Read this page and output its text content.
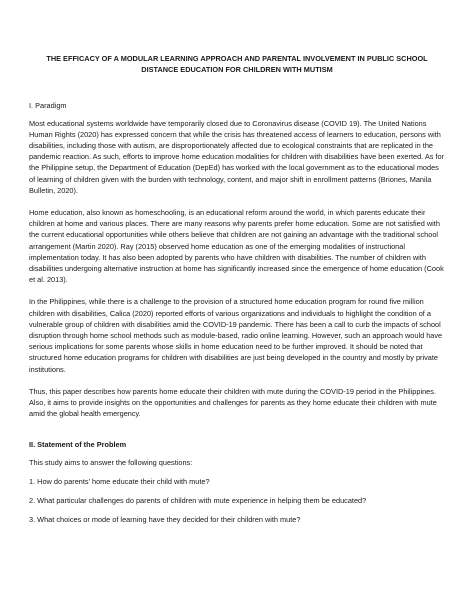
THE EFFICACY OF A MODULAR LEARNING APPROACH AND PARENTAL INVOLVEMENT IN PUBLIC SCHOOL DISTANCE EDUCATION FOR CHILDREN WITH MUTISM
I. Paradigm

Most educational systems worldwide have temporarily closed due to Coronavirus disease (COVID 19). The United Nations Human Rights (2020) has expressed concern that while the crisis has threatened access of learners to education, persons with disabilities, including those with autism, are disproportionately affected due to ecological constraints that are replicated in the pandemic reaction. As such, efforts to improve home education modalities for children with disabilities have been exerted. As for the Philippine setup, the Department of Education (DepEd) has worked with the local government as to the educational modes of learning of children given with the burden with technology, content, and major shift in enrollment patterns (Briones, Manila Bulletin, 2020).

Home education, also known as homeschooling, is an educational reform around the world, in which parents educate their children at home and various places. There are many reasons why parents prefer home education. Some are not satisfied with the current educational opportunities while others believe that children are not gaining an advantage with the traditional school arrangement (Martin 2020). Ray (2015) observed home education as one of the emerging modalities of instructional implementation today. It has also been adopted by parents who have children with disabilities. The number of children with disabilities undergoing alternative instruction at home has significantly increased since the emergence of home education (Cook et al. 2013).

In the Philippines, while there is a challenge to the provision of a structured home education program for round five million children with disabilities, Calica (2020) reported efforts of various organizations and individuals to highlight the condition of a vulnerable group of children with disabilities amid the COVID-19 pandemic. There has been a call to curb the impacts of school disruption through home school methods such as module-based, radio online learning. However, such an approach would have serious implications for some parents whose skills in home education need to be further improved. It should be noted that structured home education programs for children with disabilities are just being developed in the country and mostly by private institutions.

Thus, this paper describes how parents home educate their children with mute during the COVID-19 period in the Philippines. Also, it aims to provide insights on the opportunities and challenges for parents as they home educate their children with mute amid the global health emergency.

II. Statement of the Problem

This study aims to answer the following questions:

1. How do parents’ home educate their child with mute?

2. What particular challenges do parents of children with mute experience in helping them be educated?

3. What choices or mode of learning have they decided for their children with mute?
